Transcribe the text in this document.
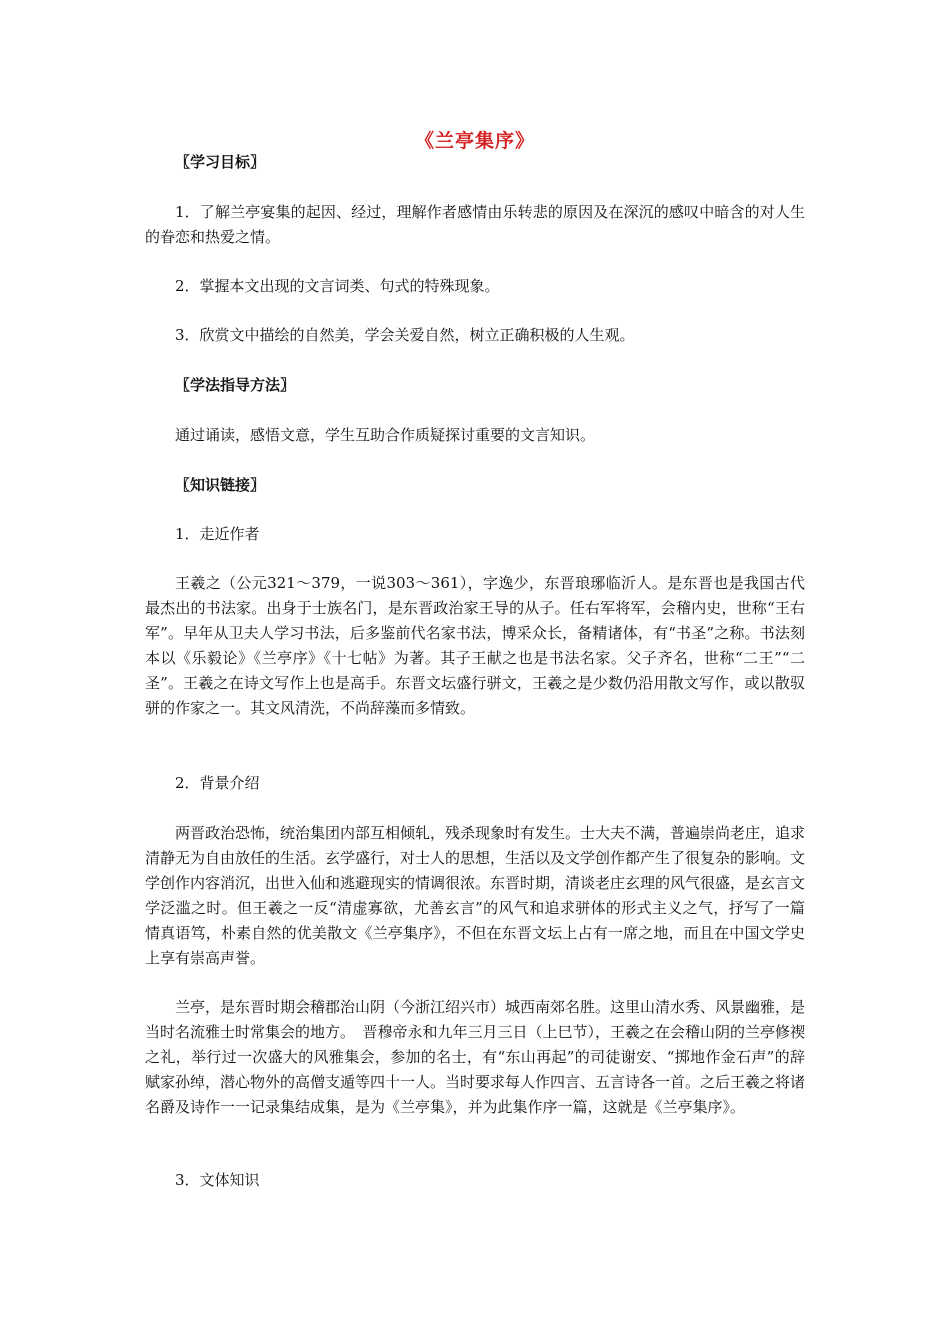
《兰亭集序》

〖学习目标〗

1．了解兰亭宴集的起因、经过，理解作者感情由乐转悲的原因及在深沉的感叹中暗含的对人生的眷恋和热爱之情。

2．掌握本文出现的文言词类、句式的特殊现象。

3．欣赏文中描绘的自然美，学会关爱自然，树立正确积极的人生观。

〖学法指导方法〗

通过诵读，感悟文意，学生互助合作质疑探讨重要的文言知识。

〖知识链接〗

1．走近作者

王羲之（公元321～379，一说303～361），字逸少，东晋琅琊临沂人。是东晋也是我国古代最杰出的书法家。出身于士族名门，是东晋政治家王导的从子。任右军将军，会稽内史，世称“王右军”。早年从卫夫人学习书法，后多鉴前代名家书法，博采众长，备精诸体，有“书圣”之称。书法刻本以《乐毅论》《兰亭序》《十七帖》为著。其子王献之也是书法名家。父子齐名，世称“二王”“二圣”。王羲之在诗文写作上也是高手。东晋文坛盛行骈文，王羲之是少数仍沿用散文写作，或以散驭骈的作家之一。其文风清洗，不尚辞藻而多情致。

2．背景介绍

两晋政治恐怖，统治集团内部互相倾轧，残杀现象时有发生。士大夫不满，普遍崇尚老庄，追求清静无为自由放任的生活。玄学盛行，对士人的思想，生活以及文学创作都产生了很复杂的影响。文学创作内容消沉，出世入仙和逃避现实的情调很浓。东晋时期，清谈老庄玄理的风气很盛，是玄言文学泛滥之时。但王羲之一反“清虚寡欲，尤善玄言”的风气和追求骈体的形式主义之气，抒写了一篇情真语笃，朴素自然的优美散文《兰亭集序》，不但在东晋文坛上占有一席之地，而且在中国文学史上享有崇高声誉。

兰亭，是东晋时期会稽郡治山阴（今浙江绍兴市）城西南郊名胜。这里山清水秀、风景幽雅，是当时名流雅士时常集会的地方。　晋穆帝永和九年三月三日（上巳节），王羲之在会稽山阴的兰亭修禊之礼，举行过一次盛大的风雅集会，参加的名士，有“东山再起”的司徒谢安、“掷地作金石声”的辞赋家孙绰，潜心物外的高僧支遁等四十一人。当时要求每人作四言、五言诗各一首。之后王羲之将诸名爵及诗作一一记录集结成集，是为《兰亭集》，并为此集作序一篇，这就是《兰亭集序》。

3．文体知识
